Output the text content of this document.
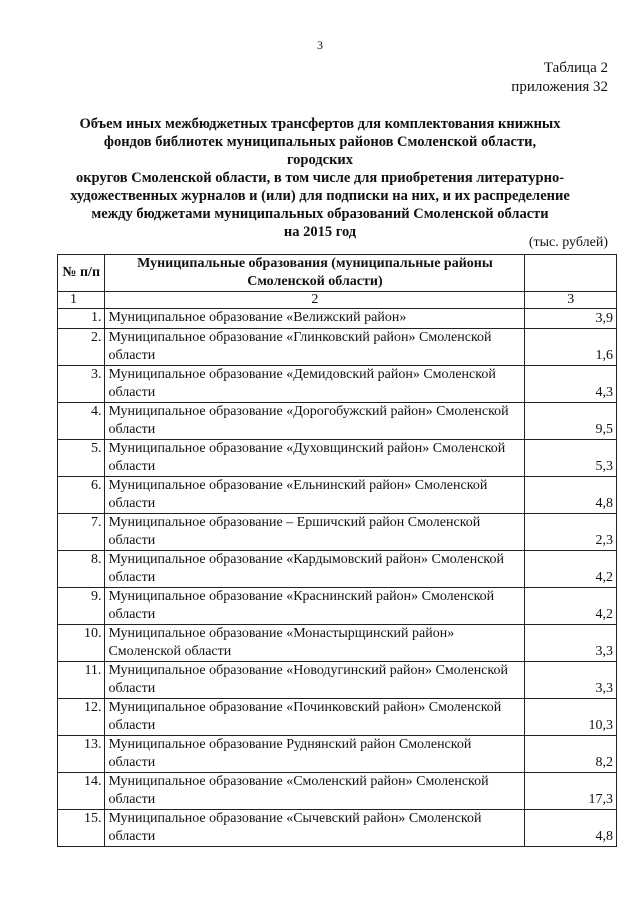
3
Таблица 2
приложения 32
Объем иных межбюджетных трансфертов для комплектования книжных
фондов библиотек муниципальных районов Смоленской области, городских
округов Смоленской области, в том числе для приобретения литературно-
художественных журналов и (или) для подписки на них, и их распределение
между бюджетами муниципальных образований Смоленской области
на 2015 год
(тыс. рублей)
№ п/п	Муниципальные образования (муниципальные районы Смоленской области)	
1	2	3
1.	Муниципальное образование «Велижский район»	3,9
2.	Муниципальное образование «Глинковский район» Смоленской области	1,6
3.	Муниципальное образование «Демидовский район» Смоленской области	4,3
4.	Муниципальное образование «Дорогобужский район» Смоленской области	9,5
5.	Муниципальное образование «Духовщинский район» Смоленской области	5,3
6.	Муниципальное образование «Ельнинский район» Смоленской области	4,8
7.	Муниципальное образование – Ершичский район Смоленской области	2,3
8.	Муниципальное образование «Кардымовский район» Смоленской области	4,2
9.	Муниципальное образование «Краснинский район» Смоленской области	4,2
10.	Муниципальное образование «Монастырщинский район» Смоленской области	3,3
11.	Муниципальное образование «Новодугинский район» Смоленской области	3,3
12.	Муниципальное образование «Починковский район» Смоленской области	10,3
13.	Муниципальное образование Руднянский район Смоленской области	8,2
14.	Муниципальное образование «Смоленский район» Смоленской области	17,3
15.	Муниципальное образование «Сычевский район» Смоленской области	4,8
